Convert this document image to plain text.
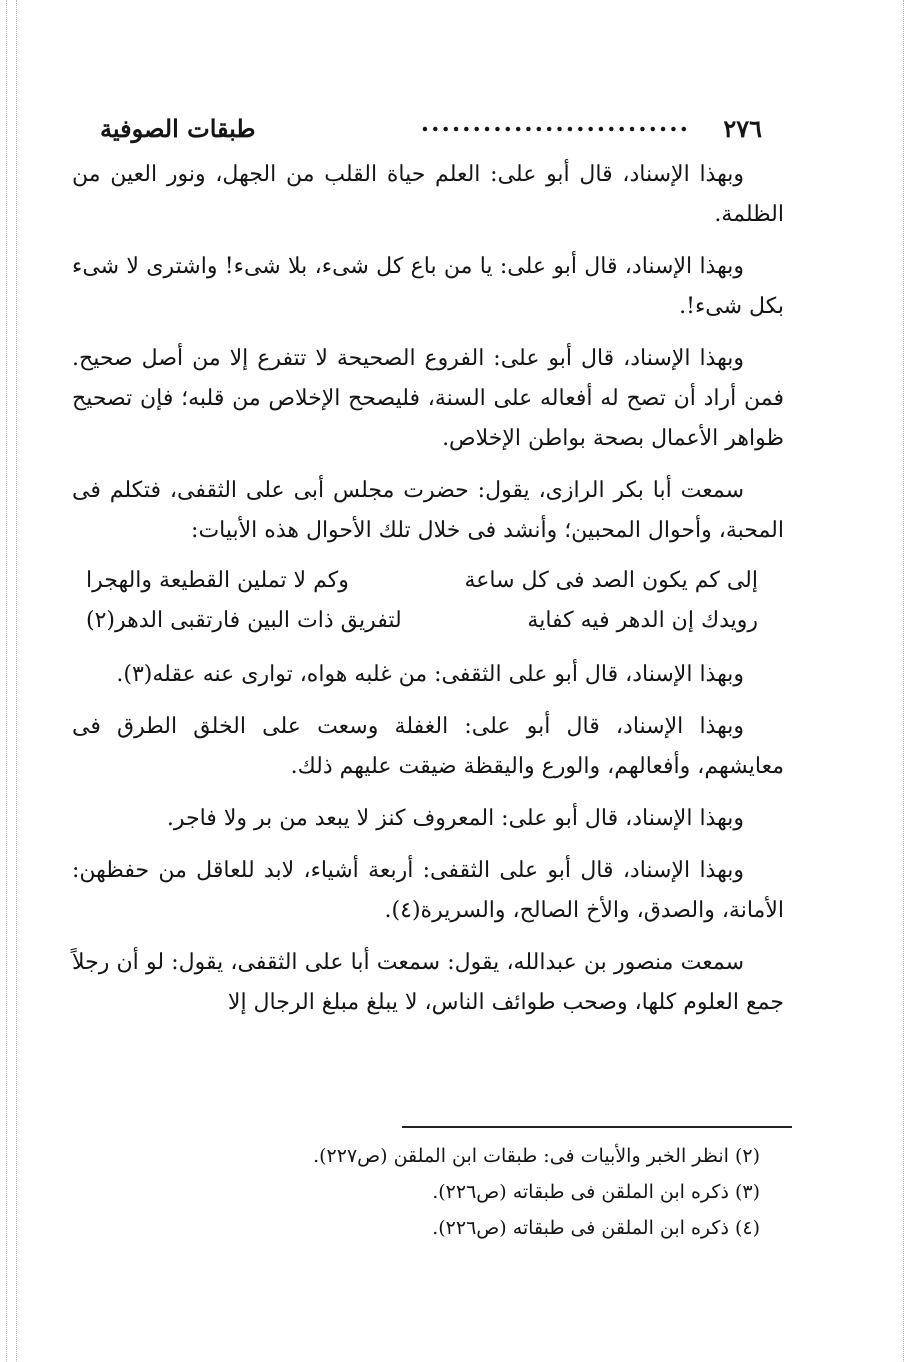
طبقات الصوفية	.......................... ٢٧٦

وبهذا الإسناد، قال أبو على: العلم حياة القلب من الجهل، ونور العين من الظلمة.

وبهذا الإسناد، قال أبو على: يا من باع كل شىء، بلا شىء! واشترى لا شىء بكل شىء!.

وبهذا الإسناد، قال أبو على: الفروع الصحيحة لا تتفرع إلا من أصل صحيح. فمن أراد أن تصح له أفعاله على السنة، فليصحح الإخلاص من قلبه؛ فإن تصحيح ظواهر الأعمال بصحة بواطن الإخلاص.

سمعت أبا بكر الرازى، يقول: حضرت مجلس أبى على الثقفى، فتكلم فى المحبة، وأحوال المحبين؛ وأنشد فى خلال تلك الأحوال هذه الأبيات:

إلى كم يكون الصد فى كل ساعة
وكم لا تملين القطيعة والهجرا
رويدك إن الدهر فيه كفاية
لتفريق ذات البين فارتقبى الدهر(٢)

وبهذا الإسناد، قال أبو على الثقفى: من غلبه هواه، توارى عنه عقله(٣).

وبهذا الإسناد، قال أبو على: الغفلة وسعت على الخلق الطرق فى معايشهم، وأفعالهم، والورع واليقظة ضيقت عليهم ذلك.

وبهذا الإسناد، قال أبو على: المعروف كنز لا يبعد من بر ولا فاجر.

وبهذا الإسناد، قال أبو على الثقفى: أربعة أشياء، لابد للعاقل من حفظهن: الأمانة، والصدق، والأخ الصالح، والسريرة(٤).

سمعت منصور بن عبدالله، يقول: سمعت أبا على الثقفى، يقول: لو أن رجلاً جمع العلوم كلها، وصحب طوائف الناس، لا يبلغ مبلغ الرجال إلا

(٢) انظر الخبر والأبيات فى: طبقات ابن الملقن (ص٢٢٧).

(٣) ذكره ابن الملقن فى طبقاته (ص٢٢٦).

(٤) ذكره ابن الملقن فى طبقاته (ص٢٢٦).
